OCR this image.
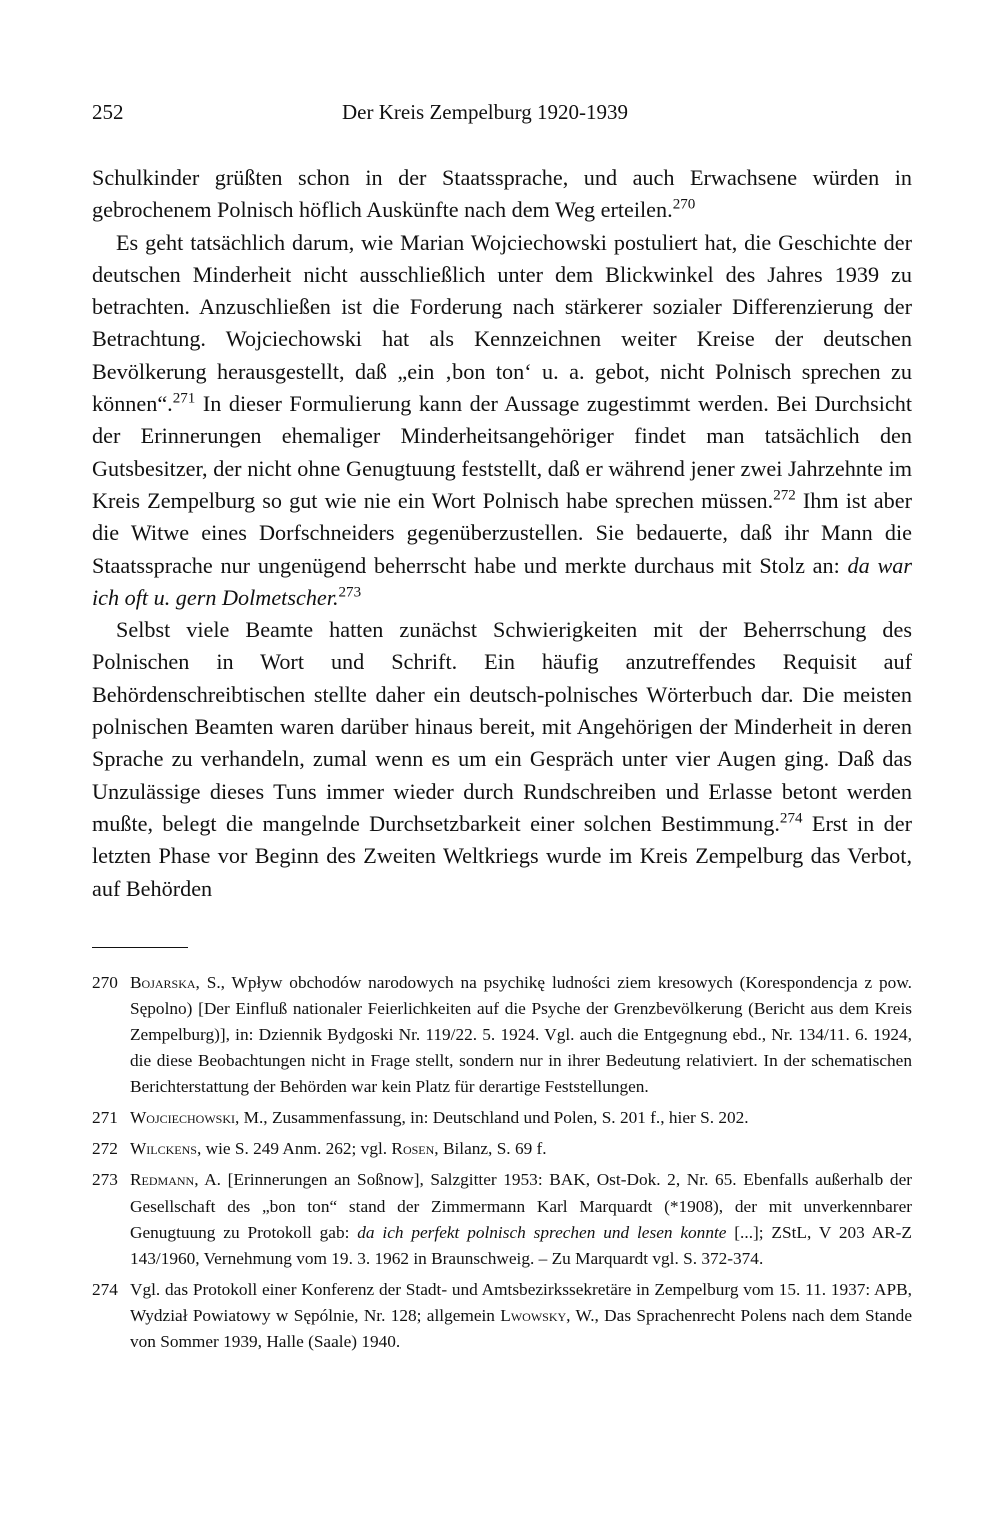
252	Der Kreis Zempelburg 1920-1939

Schulkinder grüßten schon in der Staatssprache, und auch Erwachsene würden in gebrochenem Polnisch höflich Auskünfte nach dem Weg erteilen.$^{270}$

Es geht tatsächlich darum, wie Marian Wojciechowski postuliert hat, die Geschichte der deutschen Minderheit nicht ausschließlich unter dem Blickwinkel des Jahres 1939 zu betrachten. Anzuschließen ist die Forderung nach stärkerer sozialer Differenzierung der Betrachtung. Wojciechowski hat als Kennzeichnen weiter Kreise der deutschen Bevölkerung herausgestellt, daß „ein ‚bon ton‘ u. a. gebot, nicht Polnisch sprechen zu können“.$^{271}$ In dieser Formulierung kann der Aussage zugestimmt werden. Bei Durchsicht der Erinnerungen ehemaliger Minderheitsangehöriger findet man tatsächlich den Gutsbesitzer, der nicht ohne Genugtuung feststellt, daß er während jener zwei Jahrzehnte im Kreis Zempelburg so gut wie nie ein Wort Polnisch habe sprechen müssen.$^{272}$ Ihm ist aber die Witwe eines Dorfschneiders gegenüberzustellen. Sie bedauerte, daß ihr Mann die Staatssprache nur ungenügend beherrscht habe und merkte durchaus mit Stolz an: da war ich oft u. gern Dolmetscher.$^{273}$

Selbst viele Beamte hatten zunächst Schwierigkeiten mit der Beherrschung des Polnischen in Wort und Schrift. Ein häufig anzutreffendes Requisit auf Behördenschreibtischen stellte daher ein deutsch-polnisches Wörterbuch dar. Die meisten polnischen Beamten waren darüber hinaus bereit, mit Angehörigen der Minderheit in deren Sprache zu verhandeln, zumal wenn es um ein Gespräch unter vier Augen ging. Daß das Unzulässige dieses Tuns immer wieder durch Rundschreiben und Erlasse betont werden mußte, belegt die mangelnde Durchsetzbarkeit einer solchen Bestimmung.$^{274}$ Erst in der letzten Phase vor Beginn des Zweiten Weltkriegs wurde im Kreis Zempelburg das Verbot, auf Behörden

270 Bojarska, S., Wpływ obchodów narodowych na psychikę ludności ziem kresowych (Korespondencja z pow. Sępolno) [Der Einfluß nationaler Feierlichkeiten auf die Psyche der Grenzbevölkerung (Bericht aus dem Kreis Zempelburg)], in: Dziennik Bydgoski Nr. 119/22. 5. 1924. Vgl. auch die Entgegnung ebd., Nr. 134/11. 6. 1924, die diese Beobachtungen nicht in Frage stellt, sondern nur in ihrer Bedeutung relativiert. In der schematischen Berichterstattung der Behörden war kein Platz für derartige Feststellungen.
271 Wojciechowski, M., Zusammenfassung, in: Deutschland und Polen, S. 201 f., hier S. 202.
272 Wilckens, wie S. 249 Anm. 262; vgl. Rosen, Bilanz, S. 69 f.
273 Redmann, A. [Erinnerungen an Soßnow], Salzgitter 1953: BAK, Ost-Dok. 2, Nr. 65. Ebenfalls außerhalb der Gesellschaft des „bon ton“ stand der Zimmermann Karl Marquardt (*1908), der mit unverkennbarer Genugtuung zu Protokoll gab: da ich perfekt polnisch sprechen und lesen konnte [...]; ZStL, V 203 AR-Z 143/1960, Vernehmung vom 19. 3. 1962 in Braunschweig. – Zu Marquardt vgl. S. 372-374.
274 Vgl. das Protokoll einer Konferenz der Stadt- und Amtsbezirkssekretäre in Zempelburg vom 15. 11. 1937: APB, Wydział Powiatowy w Sępólnie, Nr. 128; allgemein Lwowsky, W., Das Sprachenrecht Polens nach dem Stande von Sommer 1939, Halle (Saale) 1940.
